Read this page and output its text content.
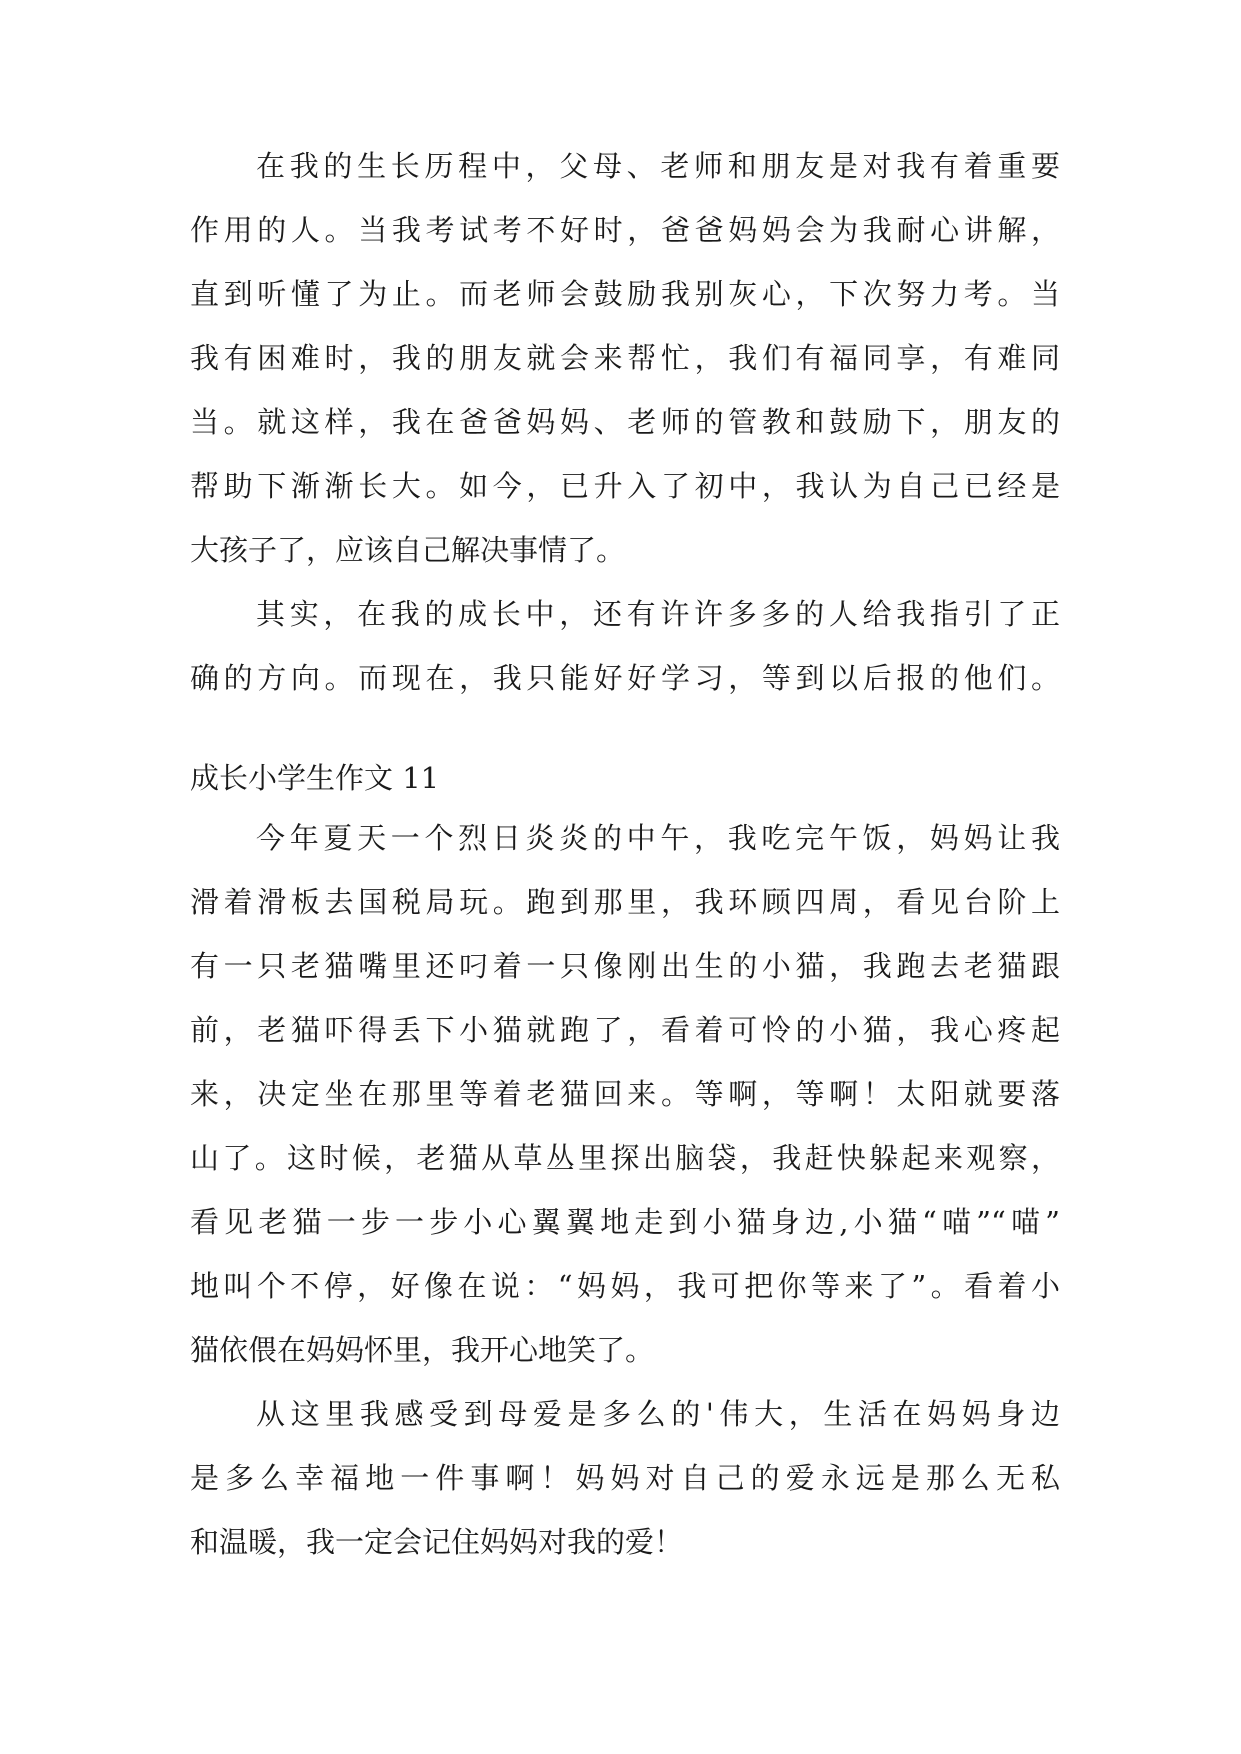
在我的生长历程中，父母、老师和朋友是对我有着重要
作用的人。当我考试考不好时，爸爸妈妈会为我耐心讲解，
直到听懂了为止。而老师会鼓励我别灰心，下次努力考。当
我有困难时，我的朋友就会来帮忙，我们有福同享，有难同
当。就这样，我在爸爸妈妈、老师的管教和鼓励下，朋友的
帮助下渐渐长大。如今，已升入了初中，我认为自己已经是
大孩子了，应该自己解决事情了。
其实，在我的成长中，还有许许多多的人给我指引了正
确的方向。而现在，我只能好好学习，等到以后报的他们。
成长小学生作文 11
今年夏天一个烈日炎炎的中午，我吃完午饭，妈妈让我
滑着滑板去国税局玩。跑到那里，我环顾四周，看见台阶上
有一只老猫嘴里还叼着一只像刚出生的小猫，我跑去老猫跟
前，老猫吓得丢下小猫就跑了，看着可怜的小猫，我心疼起
来，决定坐在那里等着老猫回来。等啊，等啊！太阳就要落
山了。这时候，老猫从草丛里探出脑袋，我赶快躲起来观察，
看见老猫一步一步小心翼翼地走到小猫身边,小猫“喵”“喵”
地叫个不停，好像在说：“妈妈，我可把你等来了”。看着小
猫依偎在妈妈怀里，我开心地笑了。
从这里我感受到母爱是多么的'伟大，生活在妈妈身边
是多么幸福地一件事啊！妈妈对自己的爱永远是那么无私
和温暖，我一定会记住妈妈对我的爱！
